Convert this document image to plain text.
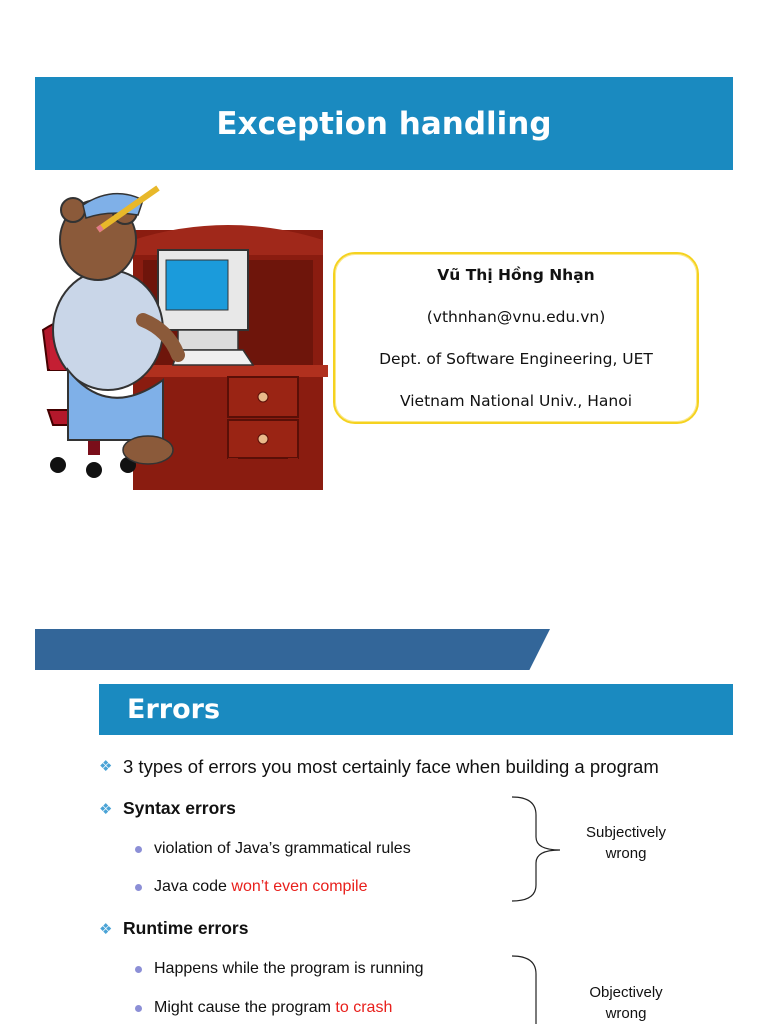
Exception handling
Vũ Thị Hồng Nhạn
(vthnhan@vnu.edu.vn)
Dept. of Software Engineering, UET
Vietnam National Univ., Hanoi
Errors
❖ 3 types of errors you most certainly face when building a program
❖ Syntax errors
violation of Java’s grammatical rules
Java code won’t even compile
Subjectively
wrong
❖ Runtime errors
Happens while the program is running
Might cause the program to crash
Objectively
wrong
